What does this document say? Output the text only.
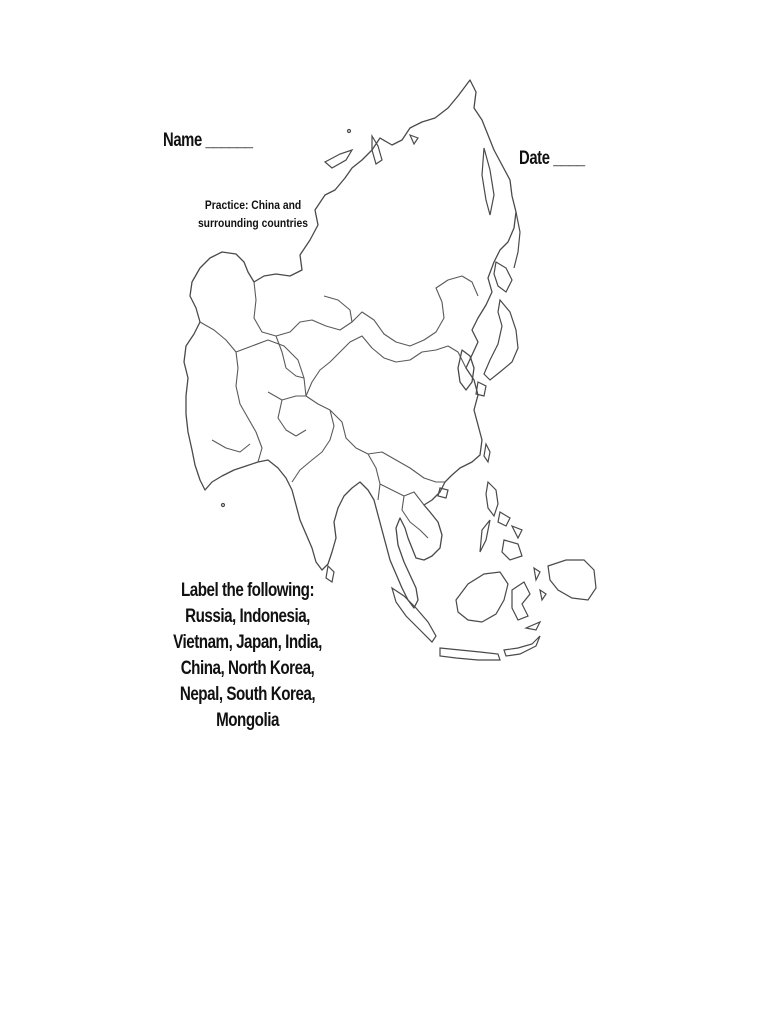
Name ______
Date ____
Practice: China and surrounding countries
Label the following: Russia, Indonesia, Vietnam, Japan, India, China, North Korea, Nepal, South Korea, Mongolia
